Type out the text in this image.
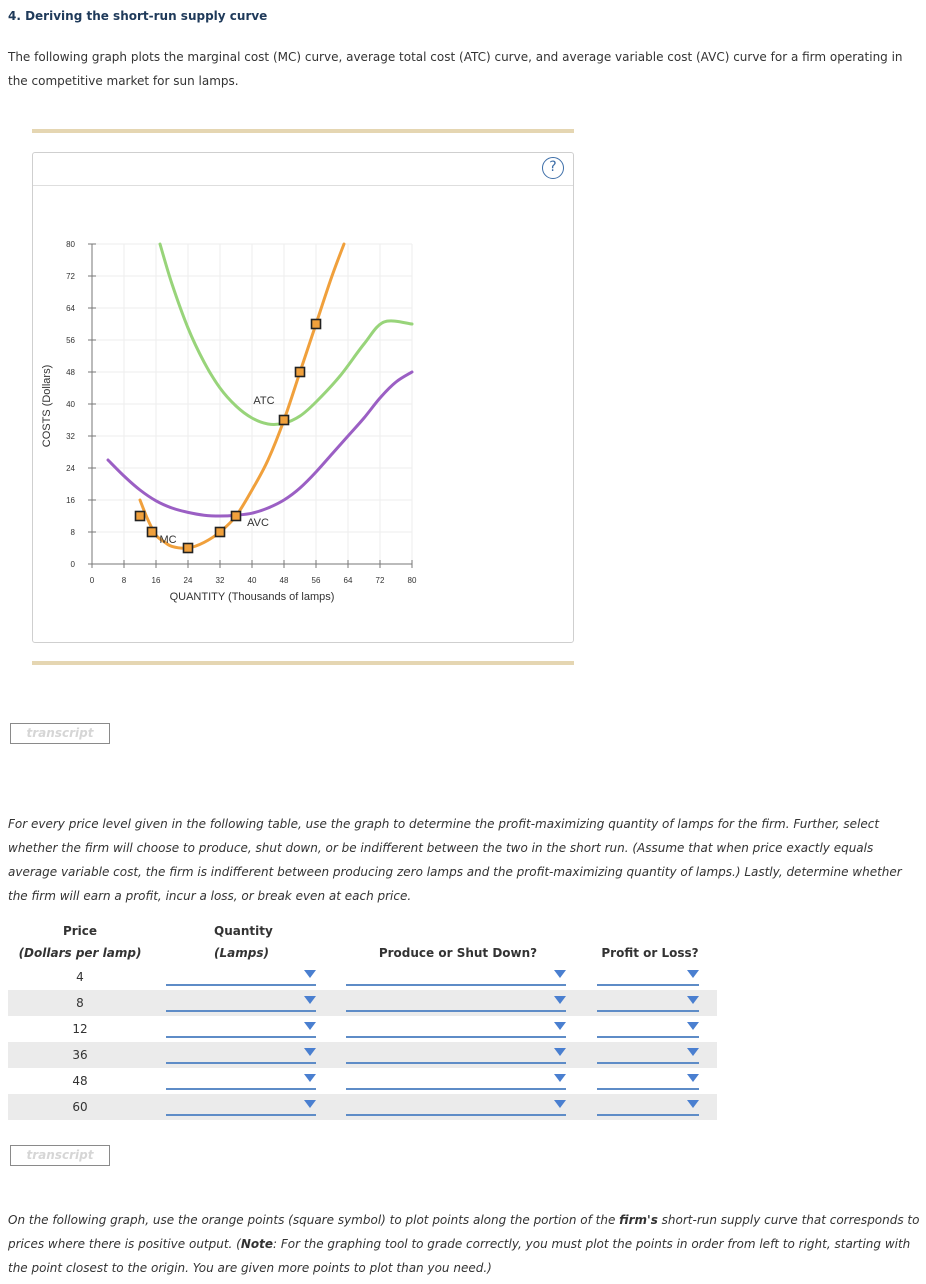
4. Deriving the short-run supply curve
The following graph plots the marginal cost (MC) curve, average total cost (ATC) curve, and average variable cost (AVC) curve for a firm operating in the competitive market for sun lamps.
?
0	8	16	24	32	40	48	56	64	72	80
0
8
16
24
32
40
48
56
64
72
80
QUANTITY (Thousands of lamps)
COSTS (Dollars)	ATC
AVC
MC
transcript
For every price level given in the following table, use the graph to determine the profit-maximizing quantity of lamps for the firm. Further, select whether the firm will choose to produce, shut down, or be indifferent between the two in the short run. (Assume that when price exactly equals average variable cost, the firm is indifferent between producing zero lamps and the profit-maximizing quantity of lamps.) Lastly, determine whether the firm will earn a profit, incur a loss, or break even at each price.
Price
(Dollars per lamp)
Quantity
(Lamps)	Produce or Shut Down?	Profit or Loss?
4
8
12
36
48
60
transcript
On the following graph, use the orange points (square symbol) to plot points along the portion of the firm's short-run supply curve that corresponds to prices where there is positive output. (Note: For the graphing tool to grade correctly, you must plot the points in order from left to right, starting with the point closest to the origin. You are given more points to plot than you need.)
